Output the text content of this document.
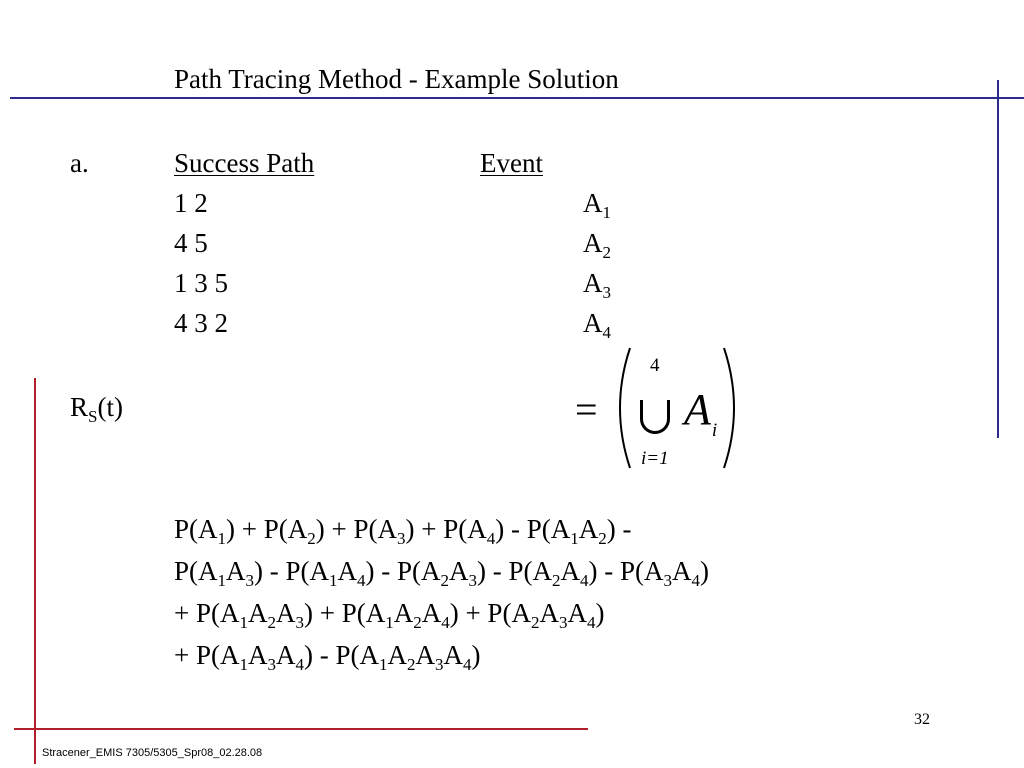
Path Tracing Method - Example Solution
a.	Success Path	Event
1 2	$A_1$
4 5	$A_2$
1 3 5	$A_3$
4 3 2	$A_4$
$R_S(t)$	=
4
i=1
$A_i$
$P(A_1) + P(A_2) + P(A_3) + P(A_4) - P(A_1A_2)$ -
$P(A_1A_3) - P(A_1A_4) - P(A_2A_3) - P(A_2A_4) - P(A_3A_4)$
+ $P(A_1A_2A_3) + P(A_1A_2A_4) + P(A_2A_3A_4)$
+ $P(A_1A_3A_4) - P(A_1A_2A_3A_4)$
32
Stracener_EMIS 7305/5305_Spr08_02.28.08
